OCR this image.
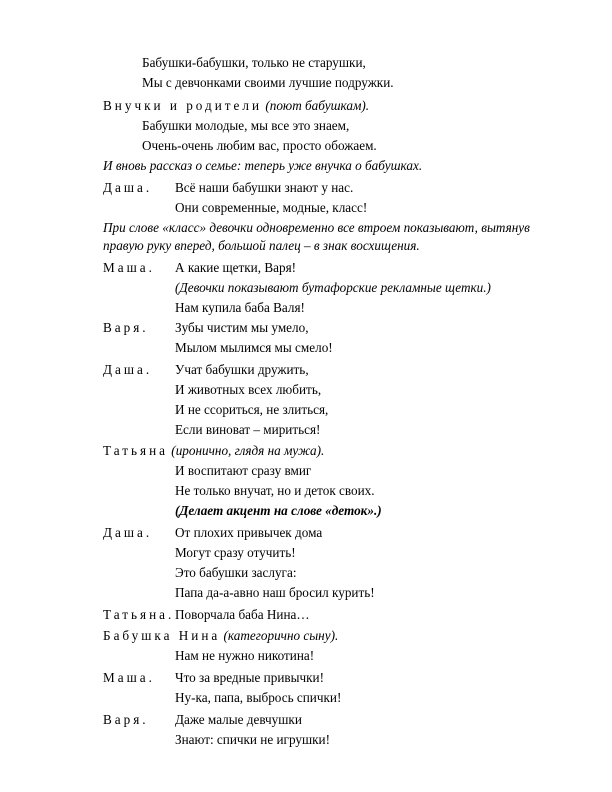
Бабушки-бабушки, только не старушки,
Мы с девчонками своими лучшие подружки.
Внучки и родители (поют бабушкам).
Бабушки молодые, мы все это знаем,
Очень-очень любим вас, просто обожаем.
И вновь рассказ о семье: теперь уже внучка о бабушках.
Даша. Всё наши бабушки знают у нас.
Они современные, модные, класс!
При слове «класс» девочки одновременно все втроем показывают, вытянув
правую руку вперед, большой палец – в знак восхищения.
Маша. А какие щетки, Варя!
(Девочки показывают бутафорские рекламные щетки.)
Нам купила баба Валя!
Варя. Зубы чистим мы умело,
Мылом мылимся мы смело!
Даша. Учат бабушки дружить,
И животных всех любить,
И не ссориться, не злиться,
Если виноват – мириться!
Татьяна (иронично, глядя на мужа).
И воспитают сразу вмиг
Не только внучат, но и деток своих.
(Делает акцент на слове «деток».)
Даша. От плохих привычек дома
Могут сразу отучить!
Это бабушки заслуга:
Папа да-а-авно наш бросил курить!
Татьяна. Поворчала баба Нина…
Бабушка Нина (категорично сыну).
Нам не нужно никотина!
Маша. Что за вредные привычки!
Ну-ка, папа, выбрось спички!
Варя. Даже малые девчушки
Знают: спички не игрушки!
